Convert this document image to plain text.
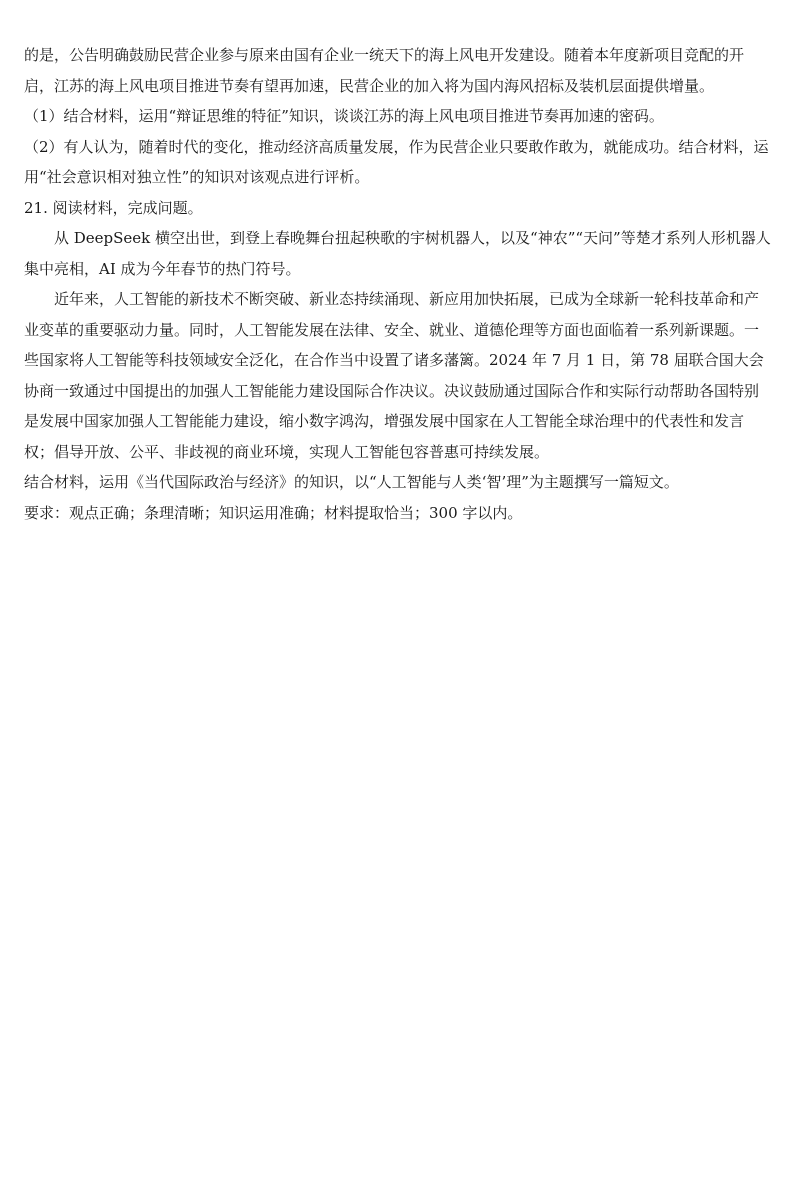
的是，公告明确鼓励民营企业参与原来由国有企业一统天下的海上风电开发建设。随着本年度新项目竞配的开启，江苏的海上风电项目推进节奏有望再加速，民营企业的加入将为国内海风招标及装机层面提供增量。

（1）结合材料，运用“辩证思维的特征”知识，谈谈江苏的海上风电项目推进节奏再加速的密码。

（2）有人认为，随着时代的变化，推动经济高质量发展，作为民营企业只要敢作敢为，就能成功。结合材料，运用“社会意识相对独立性”的知识对该观点进行评析。

21. 阅读材料，完成问题。

从 DeepSeek 横空出世，到登上春晚舞台扭起秧歌的宇树机器人，以及“神农”“天问”等楚才系列人形机器人集中亮相，AI 成为今年春节的热门符号。

近年来，人工智能的新技术不断突破、新业态持续涌现、新应用加快拓展，已成为全球新一轮科技革命和产业变革的重要驱动力量。同时，人工智能发展在法律、安全、就业、道德伦理等方面也面临着一系列新课题。一些国家将人工智能等科技领域安全泛化，在合作当中设置了诸多藩篱。2024 年 7 月 1 日，第 78 届联合国大会协商一致通过中国提出的加强人工智能能力建设国际合作决议。决议鼓励通过国际合作和实际行动帮助各国特别是发展中国家加强人工智能能力建设，缩小数字鸿沟，增强发展中国家在人工智能全球治理中的代表性和发言权；倡导开放、公平、非歧视的商业环境，实现人工智能包容普惠可持续发展。

结合材料，运用《当代国际政治与经济》的知识，以“人工智能与人类‘智’理”为主题撰写一篇短文。

要求：观点正确；条理清晰；知识运用准确；材料提取恰当；300 字以内。
